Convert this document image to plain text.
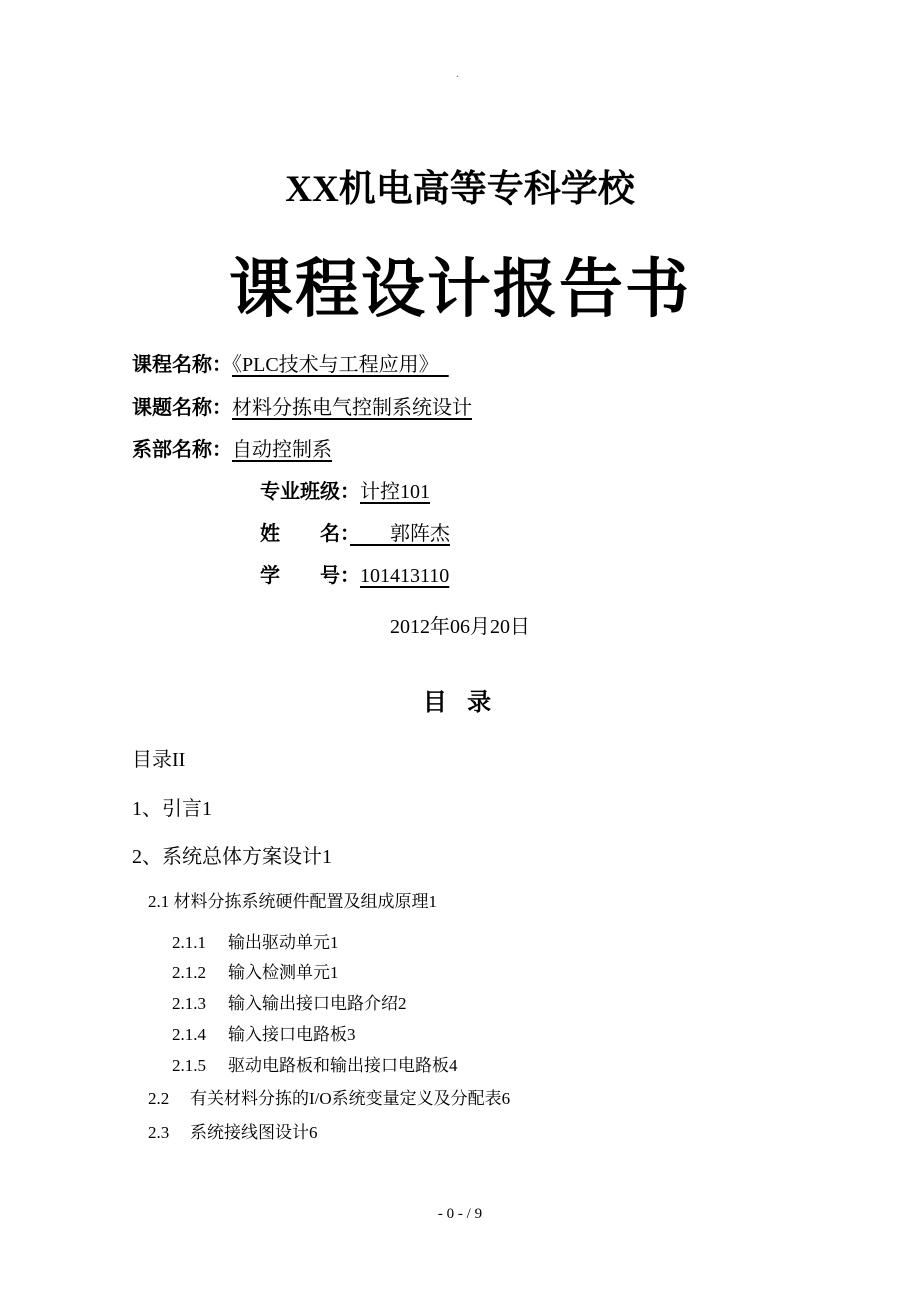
.
XX机电高等专科学校
课程设计报告书
课程名称：《PLC技术与工程应用》
课题名称：材料分拣电气控制系统设计
系部名称：自动控制系
专业班级：计控101
姓　　名：　　郭阵杰
学　　号：101413110
2012年06月20日
目 录
目录II
1、引言1
2、系统总体方案设计1
2.1 材料分拣系统硬件配置及组成原理1
2.1.1 输出驱动单元1
2.1.2 输入检测单元1
2.1.3 输入输出接口电路介绍2
2.1.4 输入接口电路板3
2.1.5 驱动电路板和输出接口电路板4
2.2 有关材料分拣的I/O系统变量定义及分配表6
2.3 系统接线图设计6
- 0 - / 9
